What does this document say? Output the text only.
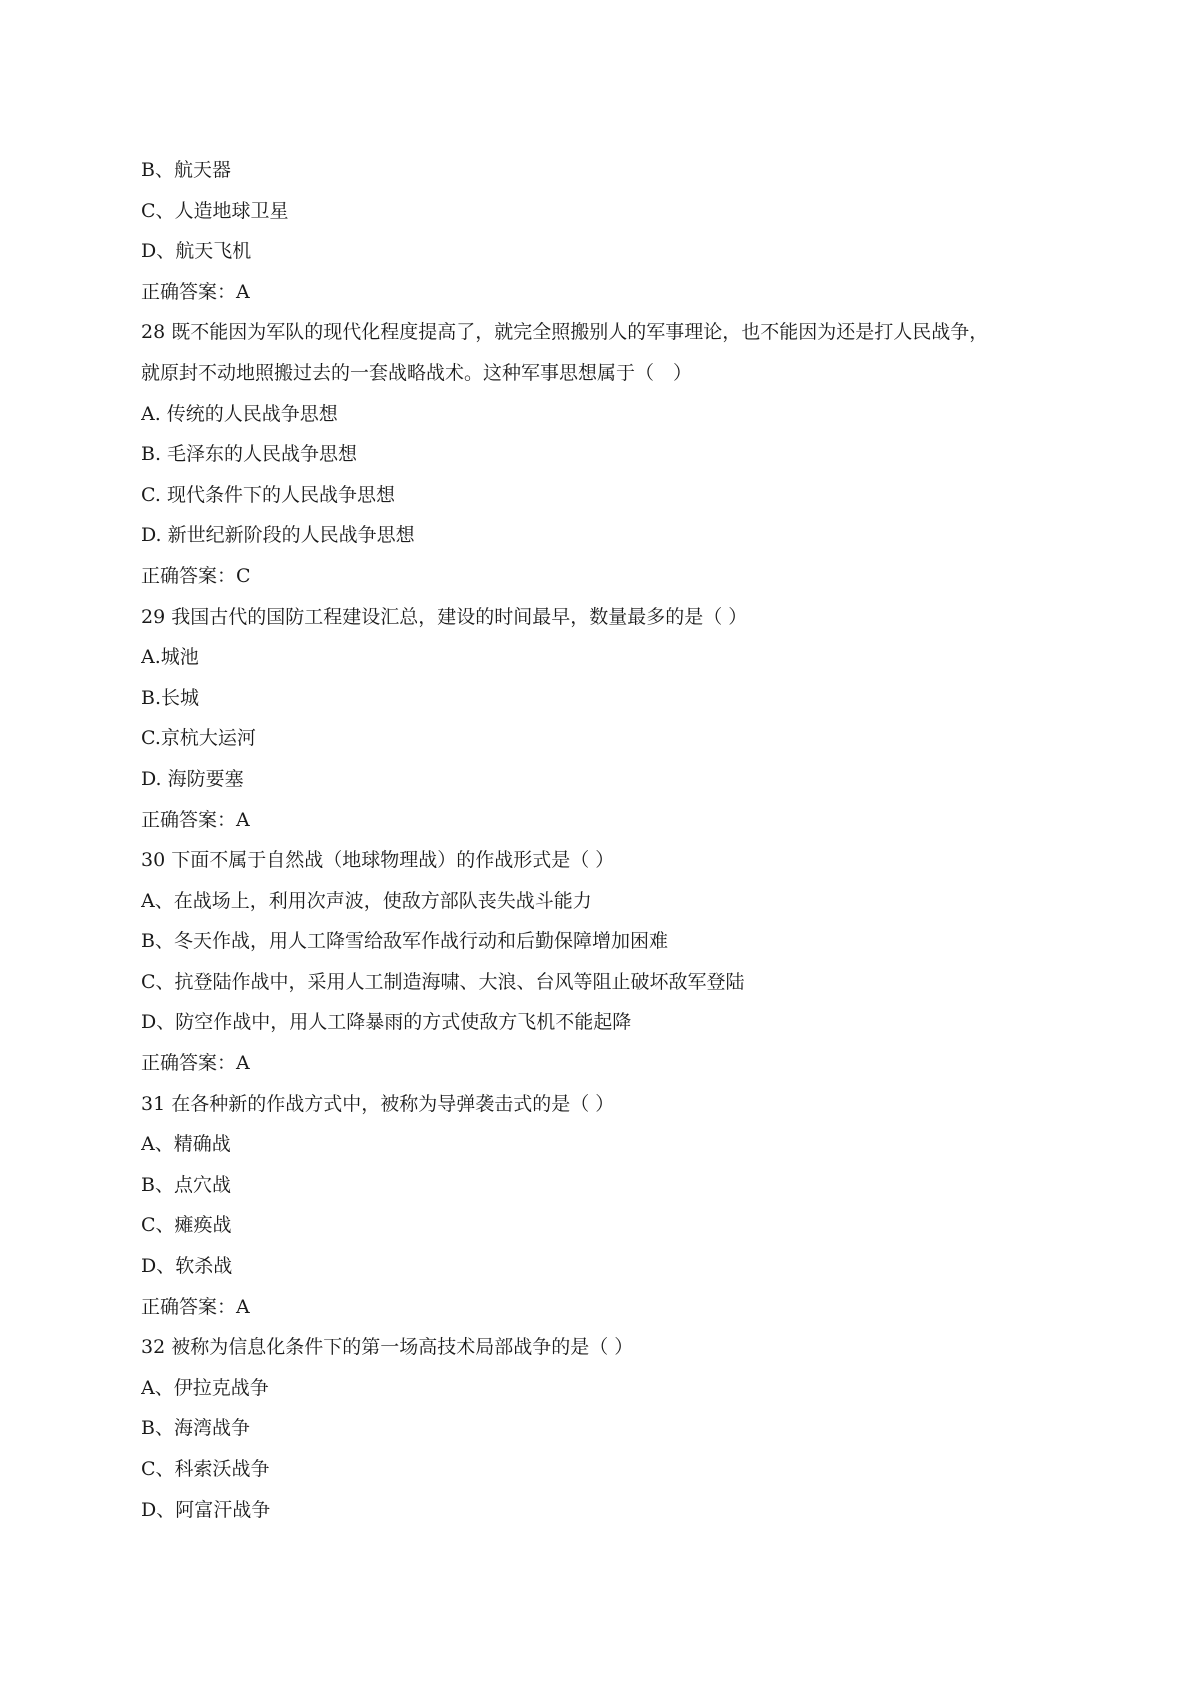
B、航天器
C、人造地球卫星
D、航天飞机
正确答案：A
28 既不能因为军队的现代化程度提高了，就完全照搬别人的军事理论，也不能因为还是打人民战争，
就原封不动地照搬过去的一套战略战术。这种军事思想属于（　）
A. 传统的人民战争思想
B. 毛泽东的人民战争思想
C. 现代条件下的人民战争思想
D. 新世纪新阶段的人民战争思想
正确答案：C
29 我国古代的国防工程建设汇总，建设的时间最早，数量最多的是（ ）
A.城池
B.长城
C.京杭大运河
D. 海防要塞
正确答案：A
30 下面不属于自然战（地球物理战）的作战形式是（ ）
A、在战场上，利用次声波，使敌方部队丧失战斗能力
B、冬天作战，用人工降雪给敌军作战行动和后勤保障增加困难
C、抗登陆作战中，采用人工制造海啸、大浪、台风等阻止破坏敌军登陆
D、防空作战中，用人工降暴雨的方式使敌方飞机不能起降
正确答案：A
31 在各种新的作战方式中，被称为导弹袭击式的是（ ）
A、精确战
B、点穴战
C、瘫痪战
D、软杀战
正确答案：A
32 被称为信息化条件下的第一场高技术局部战争的是（ ）
A、伊拉克战争
B、海湾战争
C、科索沃战争
D、阿富汗战争
